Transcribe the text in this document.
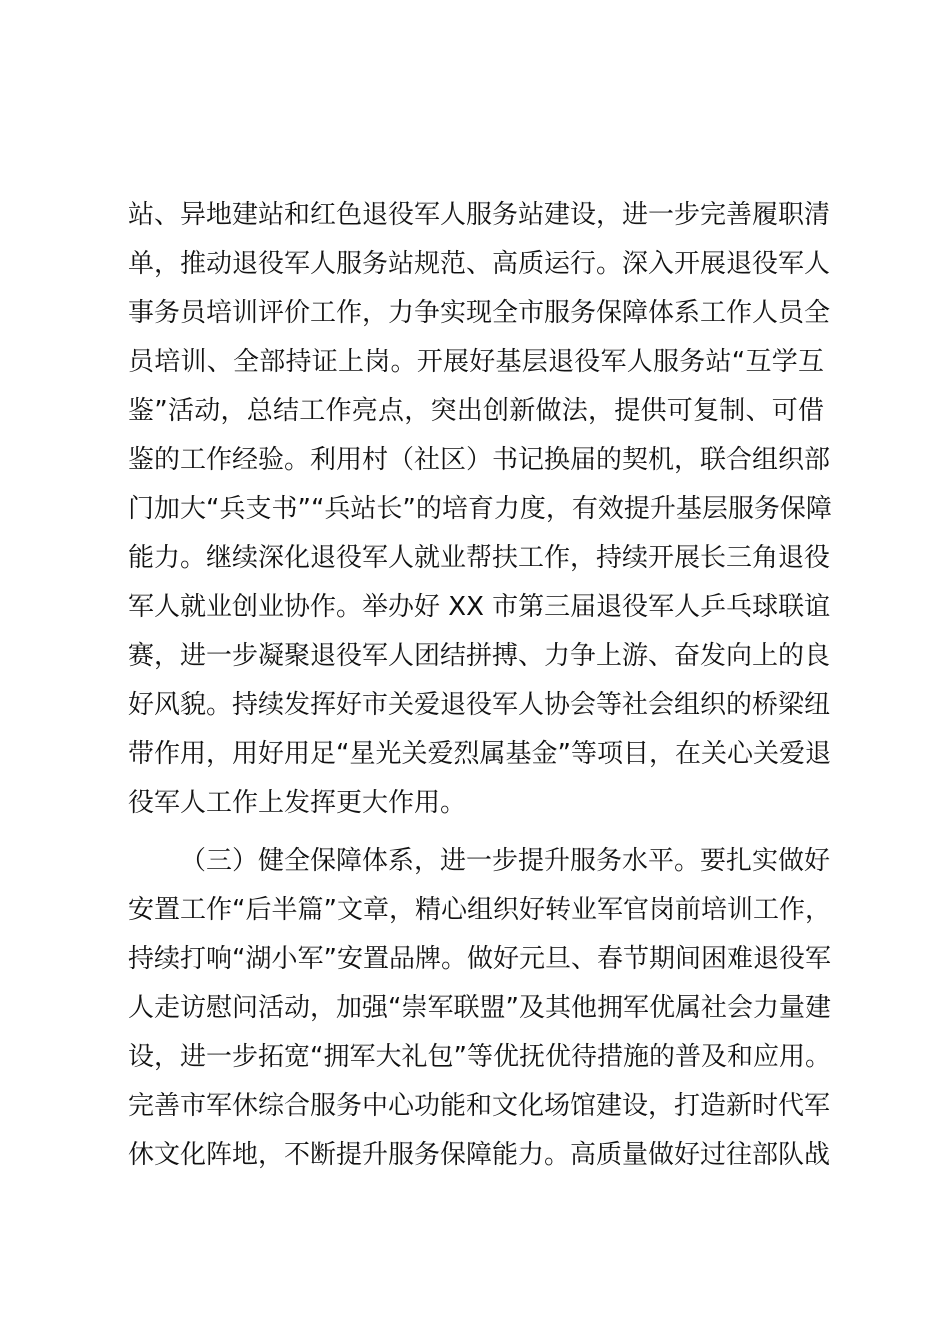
站、异地建站和红色退役军人服务站建设，进一步完善履职清
单，推动退役军人服务站规范、高质运行。深入开展退役军人
事务员培训评价工作，力争实现全市服务保障体系工作人员全
员培训、全部持证上岗。开展好基层退役军人服务站“互学互
鉴”活动，总结工作亮点，突出创新做法，提供可复制、可借
鉴的工作经验。利用村（社区）书记换届的契机，联合组织部
门加大“兵支书”“兵站长”的培育力度，有效提升基层服务保障
能力。继续深化退役军人就业帮扶工作，持续开展长三角退役
军人就业创业协作。举办好 XX 市第三届退役军人乒乓球联谊
赛，进一步凝聚退役军人团结拼搏、力争上游、奋发向上的良
好风貌。持续发挥好市关爱退役军人协会等社会组织的桥梁纽
带作用，用好用足“星光关爱烈属基金”等项目，在关心关爱退
役军人工作上发挥更大作用。
（三）健全保障体系，进一步提升服务水平。要扎实做好
安置工作“后半篇”文章，精心组织好转业军官岗前培训工作，
持续打响“湖小军”安置品牌。做好元旦、春节期间困难退役军
人走访慰问活动，加强“崇军联盟”及其他拥军优属社会力量建
设，进一步拓宽“拥军大礼包”等优抚优待措施的普及和应用。
完善市军休综合服务中心功能和文化场馆建设，打造新时代军
休文化阵地，不断提升服务保障能力。高质量做好过往部队战
